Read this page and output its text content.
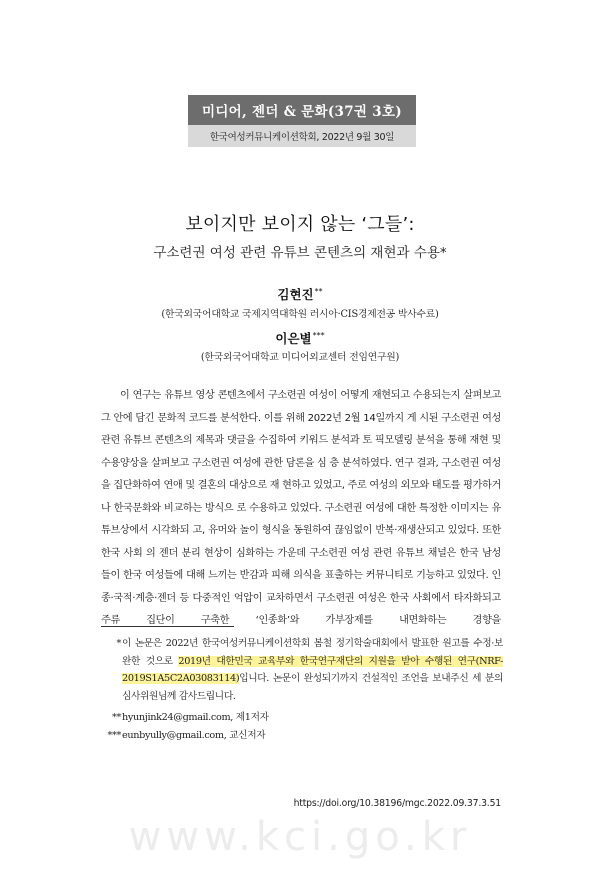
미디어, 젠더 & 문화(37권 3호)
한국여성커뮤니케이션학회, 2022년 9월 30일
보이지만 보이지 않는 ‘그들’:
구소련권 여성 관련 유튜브 콘텐츠의 재현과 수용*
김현진**
(한국외국어대학교 국제지역대학원 러시아·CIS경제전공 박사수료)
이은별***
(한국외국어대학교 미디어외교센터 전임연구원)

이 연구는 유튜브 영상 콘텐츠에서 구소련권 여성이 어떻게 재현되고 수용되는지 살펴보고 그 안에 담긴 문화적 코드를 분석한다. 이를 위해 2022년 2월 14일까지 게 시된 구소련권 여성 관련 유튜브 콘텐츠의 제목과 댓글을 수집하여 키워드 분석과 토 픽모델링 분석을 통해 재현 및 수용양상을 살펴보고 구소련권 여성에 관한 담론을 심 층 분석하였다. 연구 결과, 구소련권 여성을 집단화하여 연애 및 결혼의 대상으로 재 현하고 있었고, 주로 여성의 외모와 태도를 평가하거나 한국문화와 비교하는 방식으 로 수용하고 있었다. 구소련권 여성에 대한 특정한 이미지는 유튜브상에서 시각화되 고, 유머와 놀이 형식을 동원하여 끊임없이 반복·재생산되고 있었다. 또한 한국 사회 의 젠더 분리 현상이 심화하는 가운데 구소련권 여성 관련 유튜브 채널은 한국 남성 들이 한국 여성들에 대해 느끼는 반감과 피해 의식을 표출하는 커뮤니티로 기능하고 있었다. 인종·국적·계층·젠더 등 다중적인 억압이 교차하면서 구소련권 여성은 한국 사회에서 타자화되고 주류 집단이 구축한 ‘인종화’와 가부장제를 내면화하는 경향을

* 이 논문은 2022년 한국여성커뮤니케이션학회 봄철 정기학술대회에서 발표한 원고를 수정·보완한 것으로 2019년 대한민국 교육부와 한국연구재단의 지원을 받아 수행된 연구(NRF-2019S1A5C2A03083114)입니다. 논문이 완성되기까지 건설적인 조언을 보내주신 세 분의 심사위원님께 감사드립니다.
** hyunjink24@gmail.com, 제1저자
*** eunbyully@gmail.com, 교신저자
https://doi.org/10.38196/mgc.2022.09.37.3.51
www.kci.go.kr
